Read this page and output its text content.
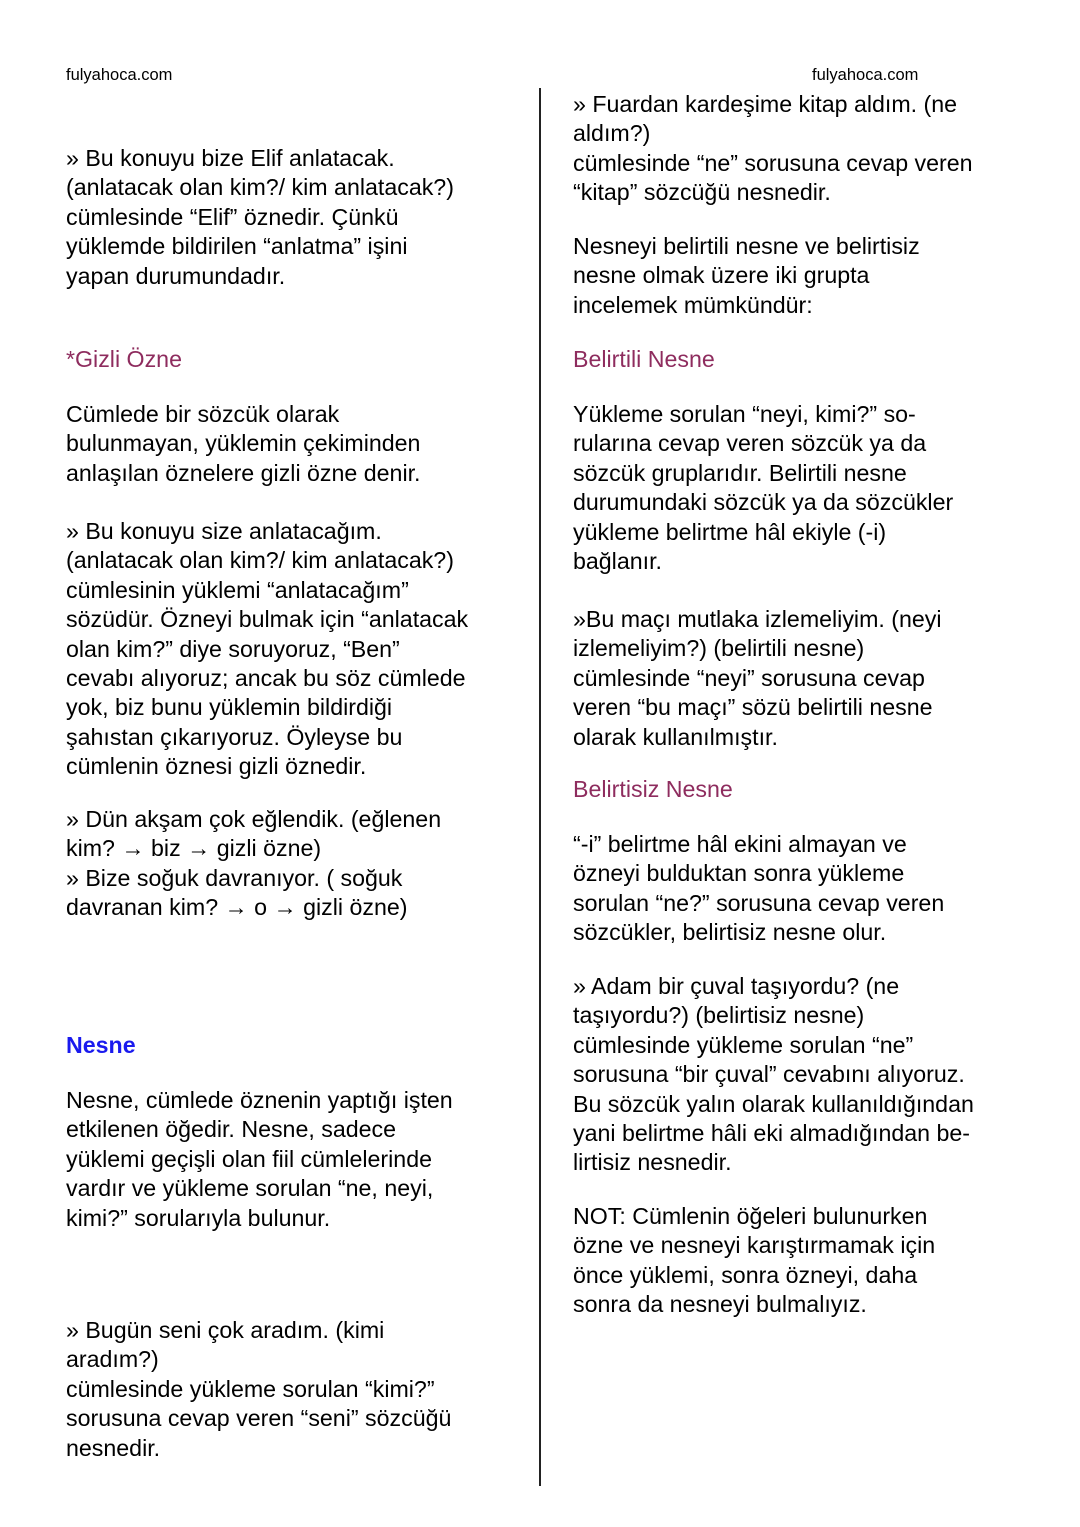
fulyahoca.com	fulyahoca.com
» Bu konuyu bize Elif anlatacak.
(anlatacak olan kim?/ kim anlatacak?)
cümlesinde “Elif” öznedir. Çünkü
yüklemde bildirilen “anlatma” işini
yapan durumundadır.
*Gizli Özne
Cümlede bir sözcük olarak
bulunmayan, yüklemin çekiminden
anlaşılan öznelere gizli özne denir.
» Bu konuyu size anlatacağım.
(anlatacak olan kim?/ kim anlatacak?)
cümlesinin yüklemi “anlatacağım”
sözüdür. Özneyi bulmak için “anlatacak
olan kim?” diye soruyoruz, “Ben”
cevabı alıyoruz; ancak bu söz cümlede
yok, biz bunu yüklemin bildirdiği
şahıstan çıkarıyoruz. Öyleyse bu
cümlenin öznesi gizli öznedir.
» Dün akşam çok eğlendik. (eğlenen
kim? → biz → gizli özne)
» Bize soğuk davranıyor. ( soğuk
davranan kim? → o → gizli özne)
Nesne
Nesne, cümlede öznenin yaptığı işten
etkilenen öğedir. Nesne, sadece
yüklemi geçişli olan fiil cümlelerinde
vardır ve yükleme sorulan “ne, neyi,
kimi?” sorularıyla bulunur.
» Bugün seni çok aradım. (kimi
aradım?)
cümlesinde yükleme sorulan “kimi?”
sorusuna cevap veren “seni” sözcüğü
nesnedir.
» Fuardan kardeşime kitap aldım. (ne
aldım?)
cümlesinde “ne” sorusuna cevap veren
“kitap” sözcüğü nesnedir.
Nesneyi belirtili nesne ve belirtisiz
nesne olmak üzere iki grupta
incelemek mümkündür:
Belirtili Nesne
Yükleme sorulan “neyi, kimi?” so-
rularına cevap veren sözcük ya da
sözcük gruplarıdır. Belirtili nesne
durumundaki sözcük ya da sözcükler
yükleme belirtme hâl ekiyle (-i)
bağlanır.
»Bu maçı mutlaka izlemeliyim. (neyi
izlemeliyim?) (belirtili nesne)
cümlesinde “neyi” sorusuna cevap
veren “bu maçı” sözü belirtili nesne
olarak kullanılmıştır.
Belirtisiz Nesne
“-i” belirtme hâl ekini almayan ve
özneyi bulduktan sonra yükleme
sorulan “ne?” sorusuna cevap veren
sözcükler, belirtisiz nesne olur.
» Adam bir çuval taşıyordu? (ne
taşıyordu?) (belirtisiz nesne)
cümlesinde yükleme sorulan “ne”
sorusuna “bir çuval” cevabını alıyoruz.
Bu sözcük yalın olarak kullanıldığından
yani belirtme hâli eki almadığından be-
lirtisiz nesnedir.
NOT: Cümlenin öğeleri bulunurken
özne ve nesneyi karıştırmamak için
önce yüklemi, sonra özneyi, daha
sonra da nesneyi bulmalıyız.
